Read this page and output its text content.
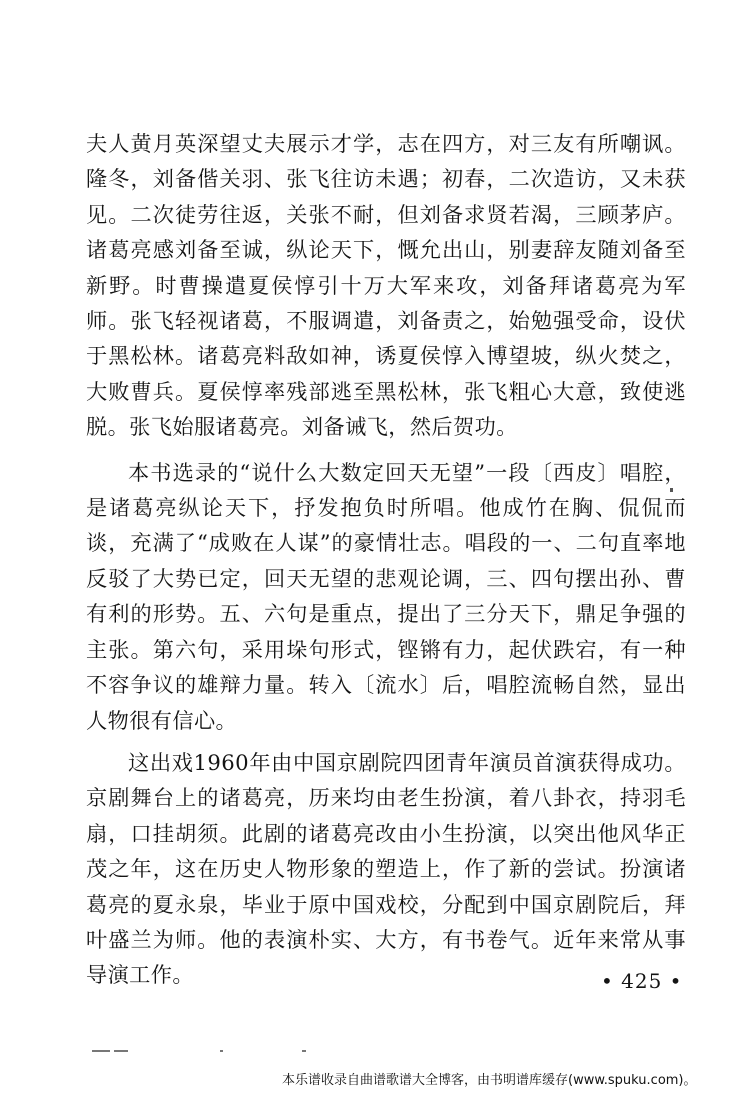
夫人黄月英深望丈夫展示才学，志在四方，对三友有所嘲讽。隆冬，刘备偕关羽、张飞往访未遇；初春，二次造访，又未获见。二次徒劳往返，关张不耐，但刘备求贤若渴，三顾茅庐。诸葛亮感刘备至诚，纵论天下，慨允出山，别妻辞友随刘备至新野。时曹操遣夏侯惇引十万大军来攻，刘备拜诸葛亮为军师。张飞轻视诸葛，不服调遣，刘备责之，始勉强受命，设伏于黑松林。诸葛亮料敌如神，诱夏侯惇入博望坡，纵火焚之，大败曹兵。夏侯惇率残部逃至黑松林，张飞粗心大意，致使逃脱。张飞始服诸葛亮。刘备诫飞，然后贺功。

本书选录的“说什么大数定回天无望”一段〔西皮〕唱腔，是诸葛亮纵论天下，抒发抱负时所唱。他成竹在胸、侃侃而谈，充满了“成败在人谋”的豪情壮志。唱段的一、二句直率地反驳了大势已定，回天无望的悲观论调，三、四句摆出孙、曹有利的形势。五、六句是重点，提出了三分天下，鼎足争强的主张。第六句，采用垛句形式，铿锵有力，起伏跌宕，有一种不容争议的雄辩力量。转入〔流水〕后，唱腔流畅自然，显出人物很有信心。

这出戏1960年由中国京剧院四团青年演员首演获得成功。京剧舞台上的诸葛亮，历来均由老生扮演，着八卦衣，持羽毛扇，口挂胡须。此剧的诸葛亮改由小生扮演，以突出他风华正茂之年，这在历史人物形象的塑造上，作了新的尝试。扮演诸葛亮的夏永泉，毕业于原中国戏校，分配到中国京剧院后，拜叶盛兰为师。他的表演朴实、大方，有书卷气。近年来常从事导演工作。	• 425 •
本乐谱收录自曲谱歌谱大全博客，由书明谱库缓存(www.spuku.com)。
